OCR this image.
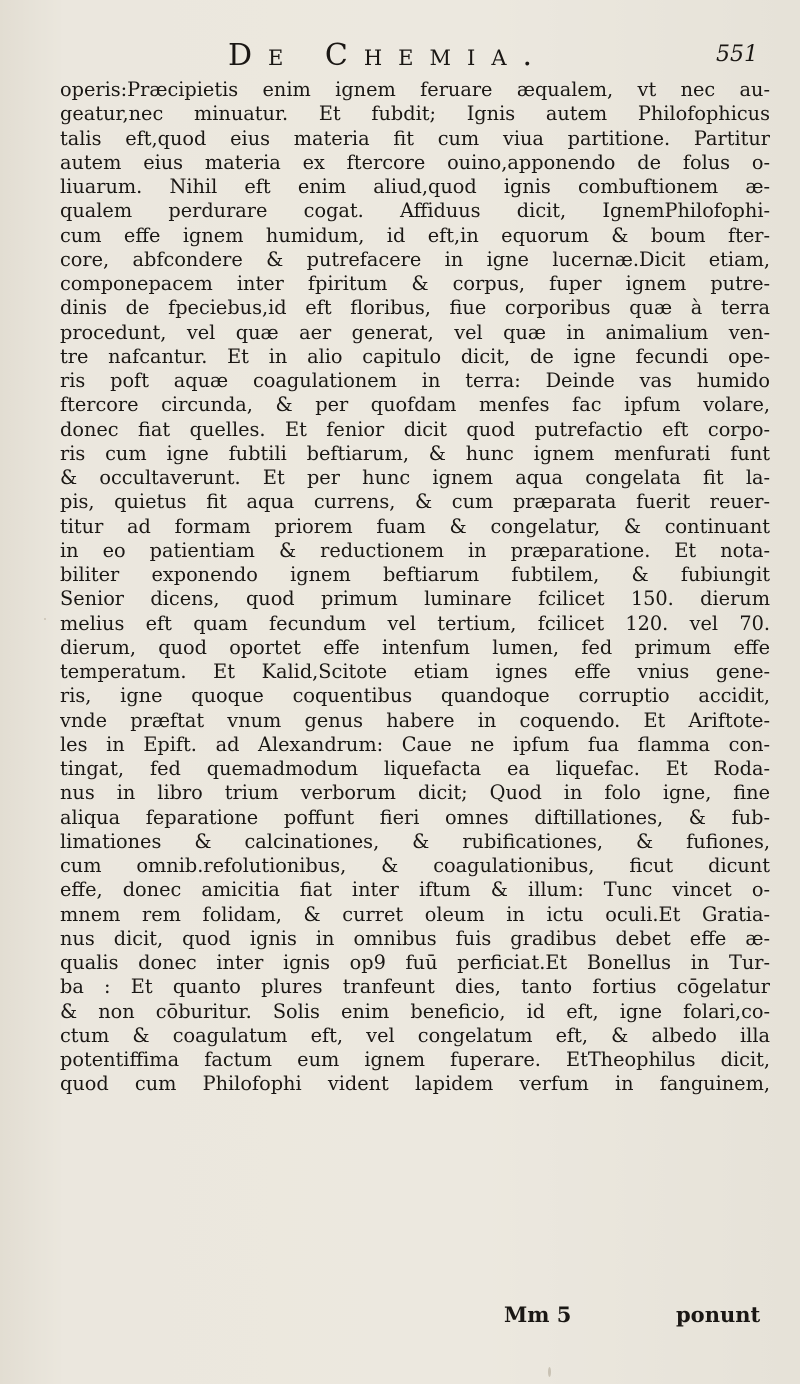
De Chemia.	551
operis:Præcipietis enim ignem feruare æqualem, vt nec au-
geatur,nec minuatur. Et fubdit; Ignis autem Philofophicus
talis eft,quod eius materia fit cum viua partitione. Partitur
autem eius materia ex ftercore ouino,apponendo de folus o-
liuarum. Nihil eft enim aliud,quod ignis combuftionem æ-
qualem perdurare cogat. Affiduus dicit, IgnemPhilofophi-
cum effe ignem humidum, id eft,in equorum & boum fter-
core, abfcondere & putrefacere in igne lucernæ.Dicit etiam,
componepacem inter fpiritum & corpus, fuper ignem putre-
dinis de fpeciebus,id eft floribus, fiue corporibus quæ à terra
procedunt, vel quæ aer generat, vel quæ in animalium ven-
tre nafcantur. Et in alio capitulo dicit, de igne fecundi ope-
ris poft aquæ coagulationem in terra: Deinde vas humido
ftercore circunda, & per quofdam menfes fac ipfum volare,
donec fiat quelles. Et fenior dicit quod putrefactio eft corpo-
ris cum igne fubtili beftiarum, & hunc ignem menfurati funt
& occultaverunt. Et per hunc ignem aqua congelata fit la-
pis, quietus fit aqua currens, & cum præparata fuerit reuer-
titur ad formam priorem fuam & congelatur, & continuant
in eo patientiam & reductionem in præparatione. Et nota-
biliter exponendo ignem beftiarum fubtilem, & fubiungit
Senior dicens, quod primum luminare fcilicet 150. dierum
melius eft quam fecundum vel tertium, fcilicet 120. vel 70.
dierum, quod oportet effe intenfum lumen, fed primum effe
temperatum. Et Kalid,Scitote etiam ignes effe vnius gene-
ris, igne quoque coquentibus quandoque corruptio accidit,
vnde præftat vnum genus habere in coquendo. Et Ariftote-
les in Epift. ad Alexandrum: Caue ne ipfum fua flamma con-
tingat, fed quemadmodum liquefacta ea liquefac. Et Roda-
nus in libro trium verborum dicit; Quod in folo igne, fine
aliqua feparatione poffunt fieri omnes diftillationes, & fub-
limationes & calcinationes, & rubificationes, & fufiones,
cum omnib.refolutionibus, & coagulationibus, ficut dicunt
effe, donec amicitia fiat inter iftum & illum: Tunc vincet o-
mnem rem folidam, & curret oleum in ictu oculi.Et Gratia-
nus dicit, quod ignis in omnibus fuis gradibus debet effe æ-
qualis donec inter ignis op9 fuū perficiat.Et Bonellus in Tur-
ba : Et quanto plures tranfeunt dies, tanto fortius cōgelatur
& non cōburitur. Solis enim beneficio, id eft, igne folari,co-
ctum & coagulatum eft, vel congelatum eft, & albedo illa
potentiffima factum eum ignem fuperare. EtTheophilus dicit,
quod cum Philofophi vident lapidem verfum in fanguinem,
Mm 5	ponunt
